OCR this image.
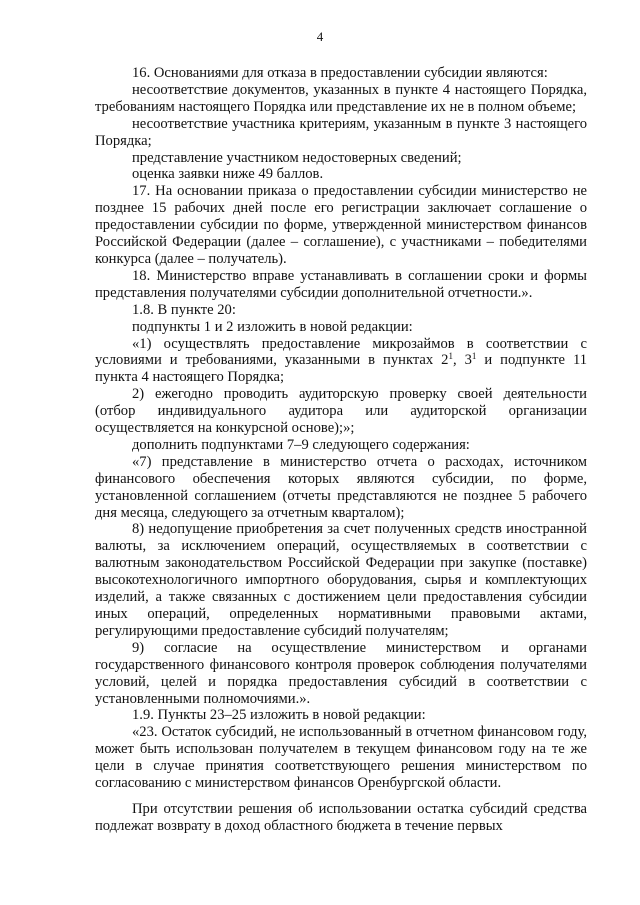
4

16. Основаниями для отказа в предоставлении субсидии являются:

несоответствие документов, указанных в пункте 4 настоящего Порядка, требованиям настоящего Порядка или представление их не в полном объеме;

несоответствие участника критериям, указанным в пункте 3 настоящего Порядка;

представление участником недостоверных сведений;

оценка заявки ниже 49 баллов.

17. На основании приказа о предоставлении субсидии министерство не позднее 15 рабочих дней после его регистрации заключает соглашение о предоставлении субсидии по форме, утвержденной министерством финансов Российской Федерации (далее – соглашение), с участниками – победителями конкурса (далее – получатель).

18. Министерство вправе устанавливать в соглашении сроки и формы представления получателями субсидии дополнительной отчетности.».

1.8. В пункте 20:

подпункты 1 и 2 изложить в новой редакции:

«1) осуществлять предоставление микрозаймов в соответствии с условиями и требованиями, указанными в пунктах $2^1$, $3^1$ и подпункте 11 пункта 4 настоящего Порядка;

2) ежегодно проводить аудиторскую проверку своей деятельности (отбор индивидуального аудитора или аудиторской организации осуществляется на конкурсной основе);»;

дополнить подпунктами 7–9 следующего содержания:

«7) представление в министерство отчета о расходах, источником финансового обеспечения которых являются субсидии, по форме, установленной соглашением (отчеты представляются не позднее 5 рабочего дня месяца, следующего за отчетным кварталом);

8) недопущение приобретения за счет полученных средств иностранной валюты, за исключением операций, осуществляемых в соответствии с валютным законодательством Российской Федерации при закупке (поставке) высокотехнологичного импортного оборудования, сырья и комплектующих изделий, а также связанных с достижением цели предоставления субсидии иных операций, определенных нормативными правовыми актами, регулирующими предоставление субсидий получателям;

9) согласие на осуществление министерством и органами государственного финансового контроля проверок соблюдения получателями условий, целей и порядка предоставления субсидий в соответствии с установленными полномочиями.».

1.9. Пункты 23–25 изложить в новой редакции:

«23. Остаток субсидий, не использованный в отчетном финансовом году, может быть использован получателем в текущем финансовом году на те же цели в случае принятия соответствующего решения министерством по согласованию с министерством финансов Оренбургской области.

При отсутствии решения об использовании остатка субсидий средства подлежат возврату в доход областного бюджета в течение первых
